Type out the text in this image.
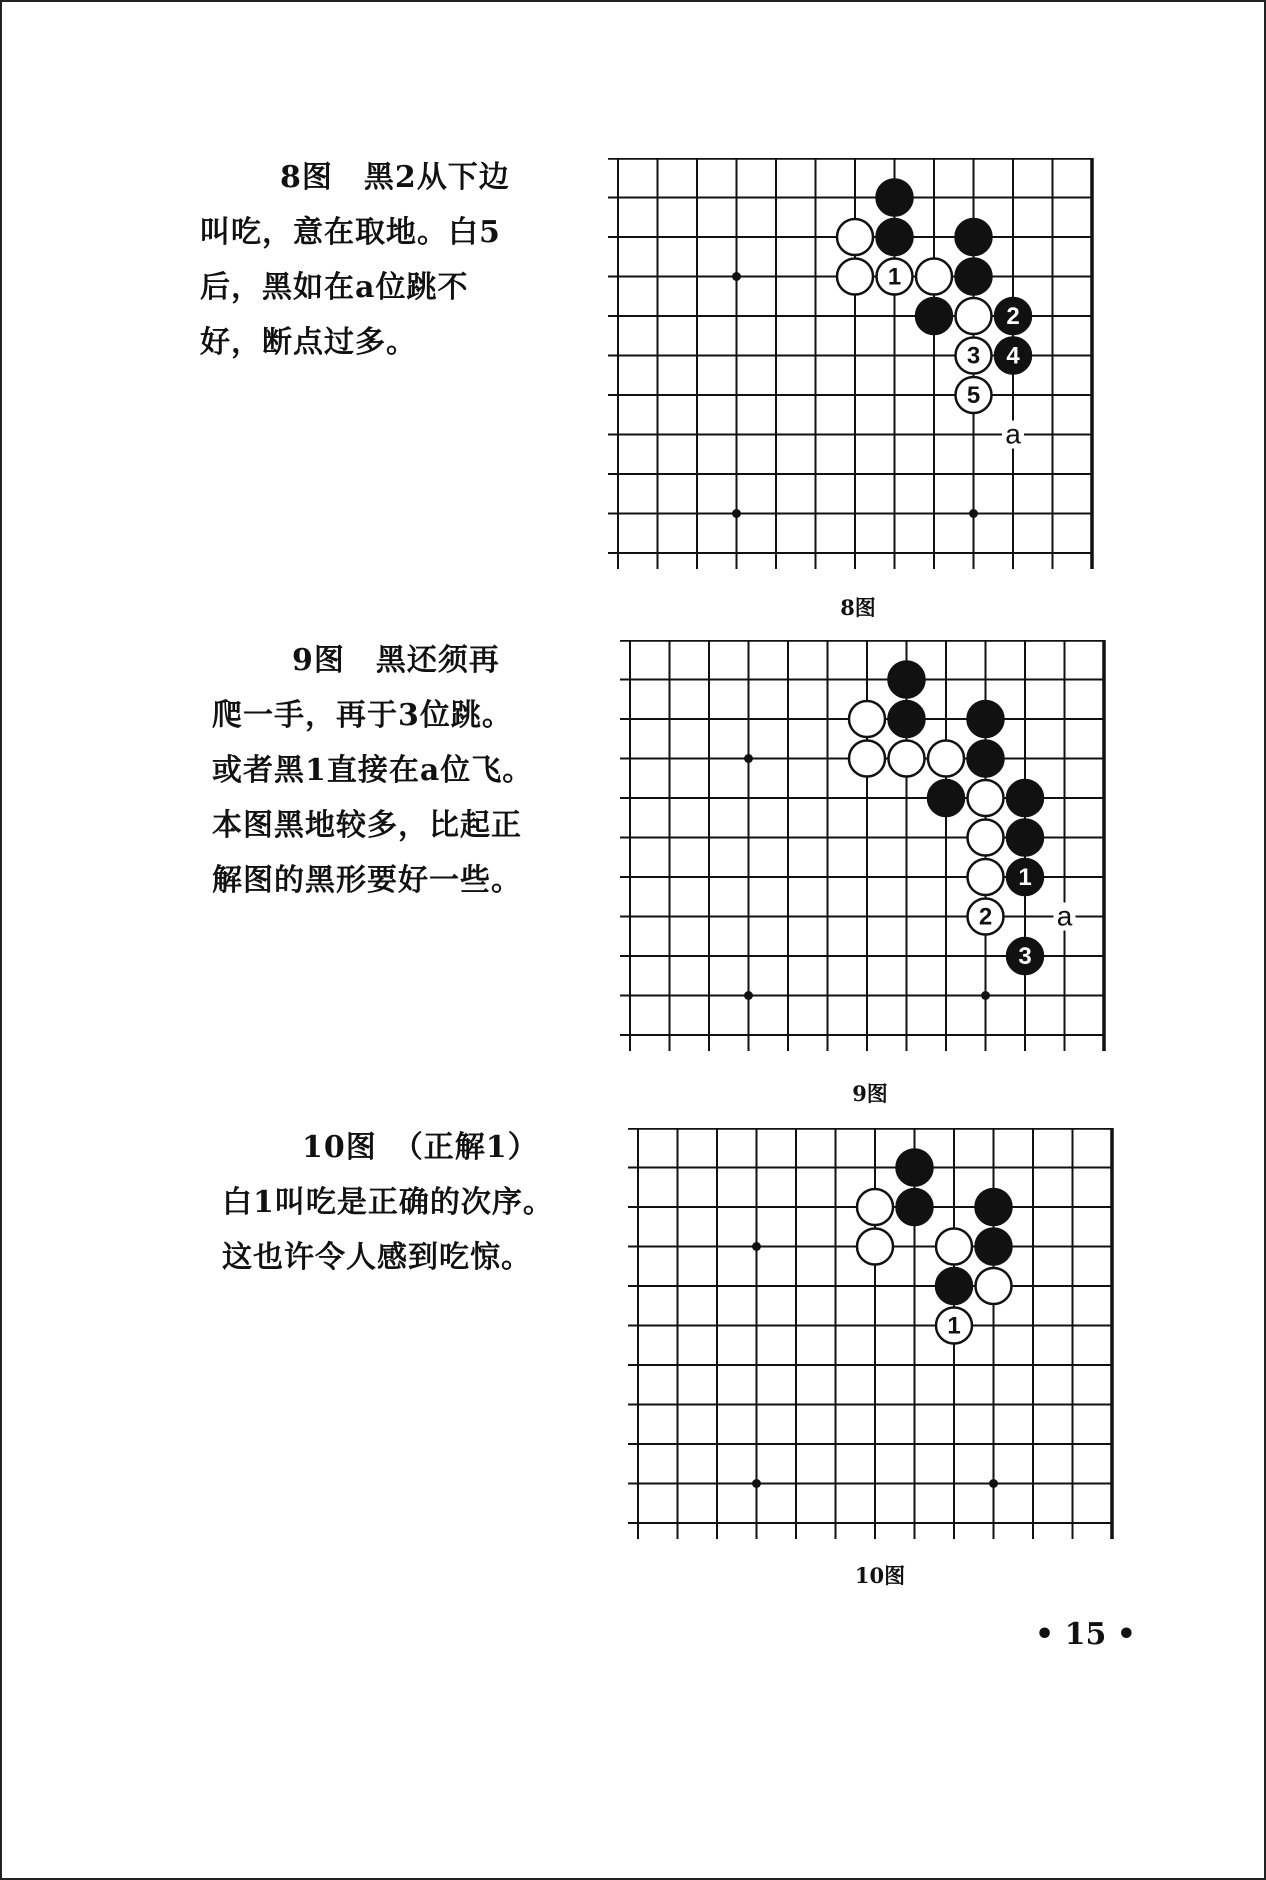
8图　黑2从下边
叫吃，意在取地。白5
后，黑如在a位跳不
好，断点过多。
a
1
2
3 4
5
8图
9图　黑还须再
爬一手，再于3位跳。
或者黑1直接在a位飞。
本图黑地较多，比起正
解图的黑形要好一些。
a
1
2
3
9图
10图　（正解1）
白1叫吃是正确的次序。
这也许令人感到吃惊。
1
10图
• 15 •
